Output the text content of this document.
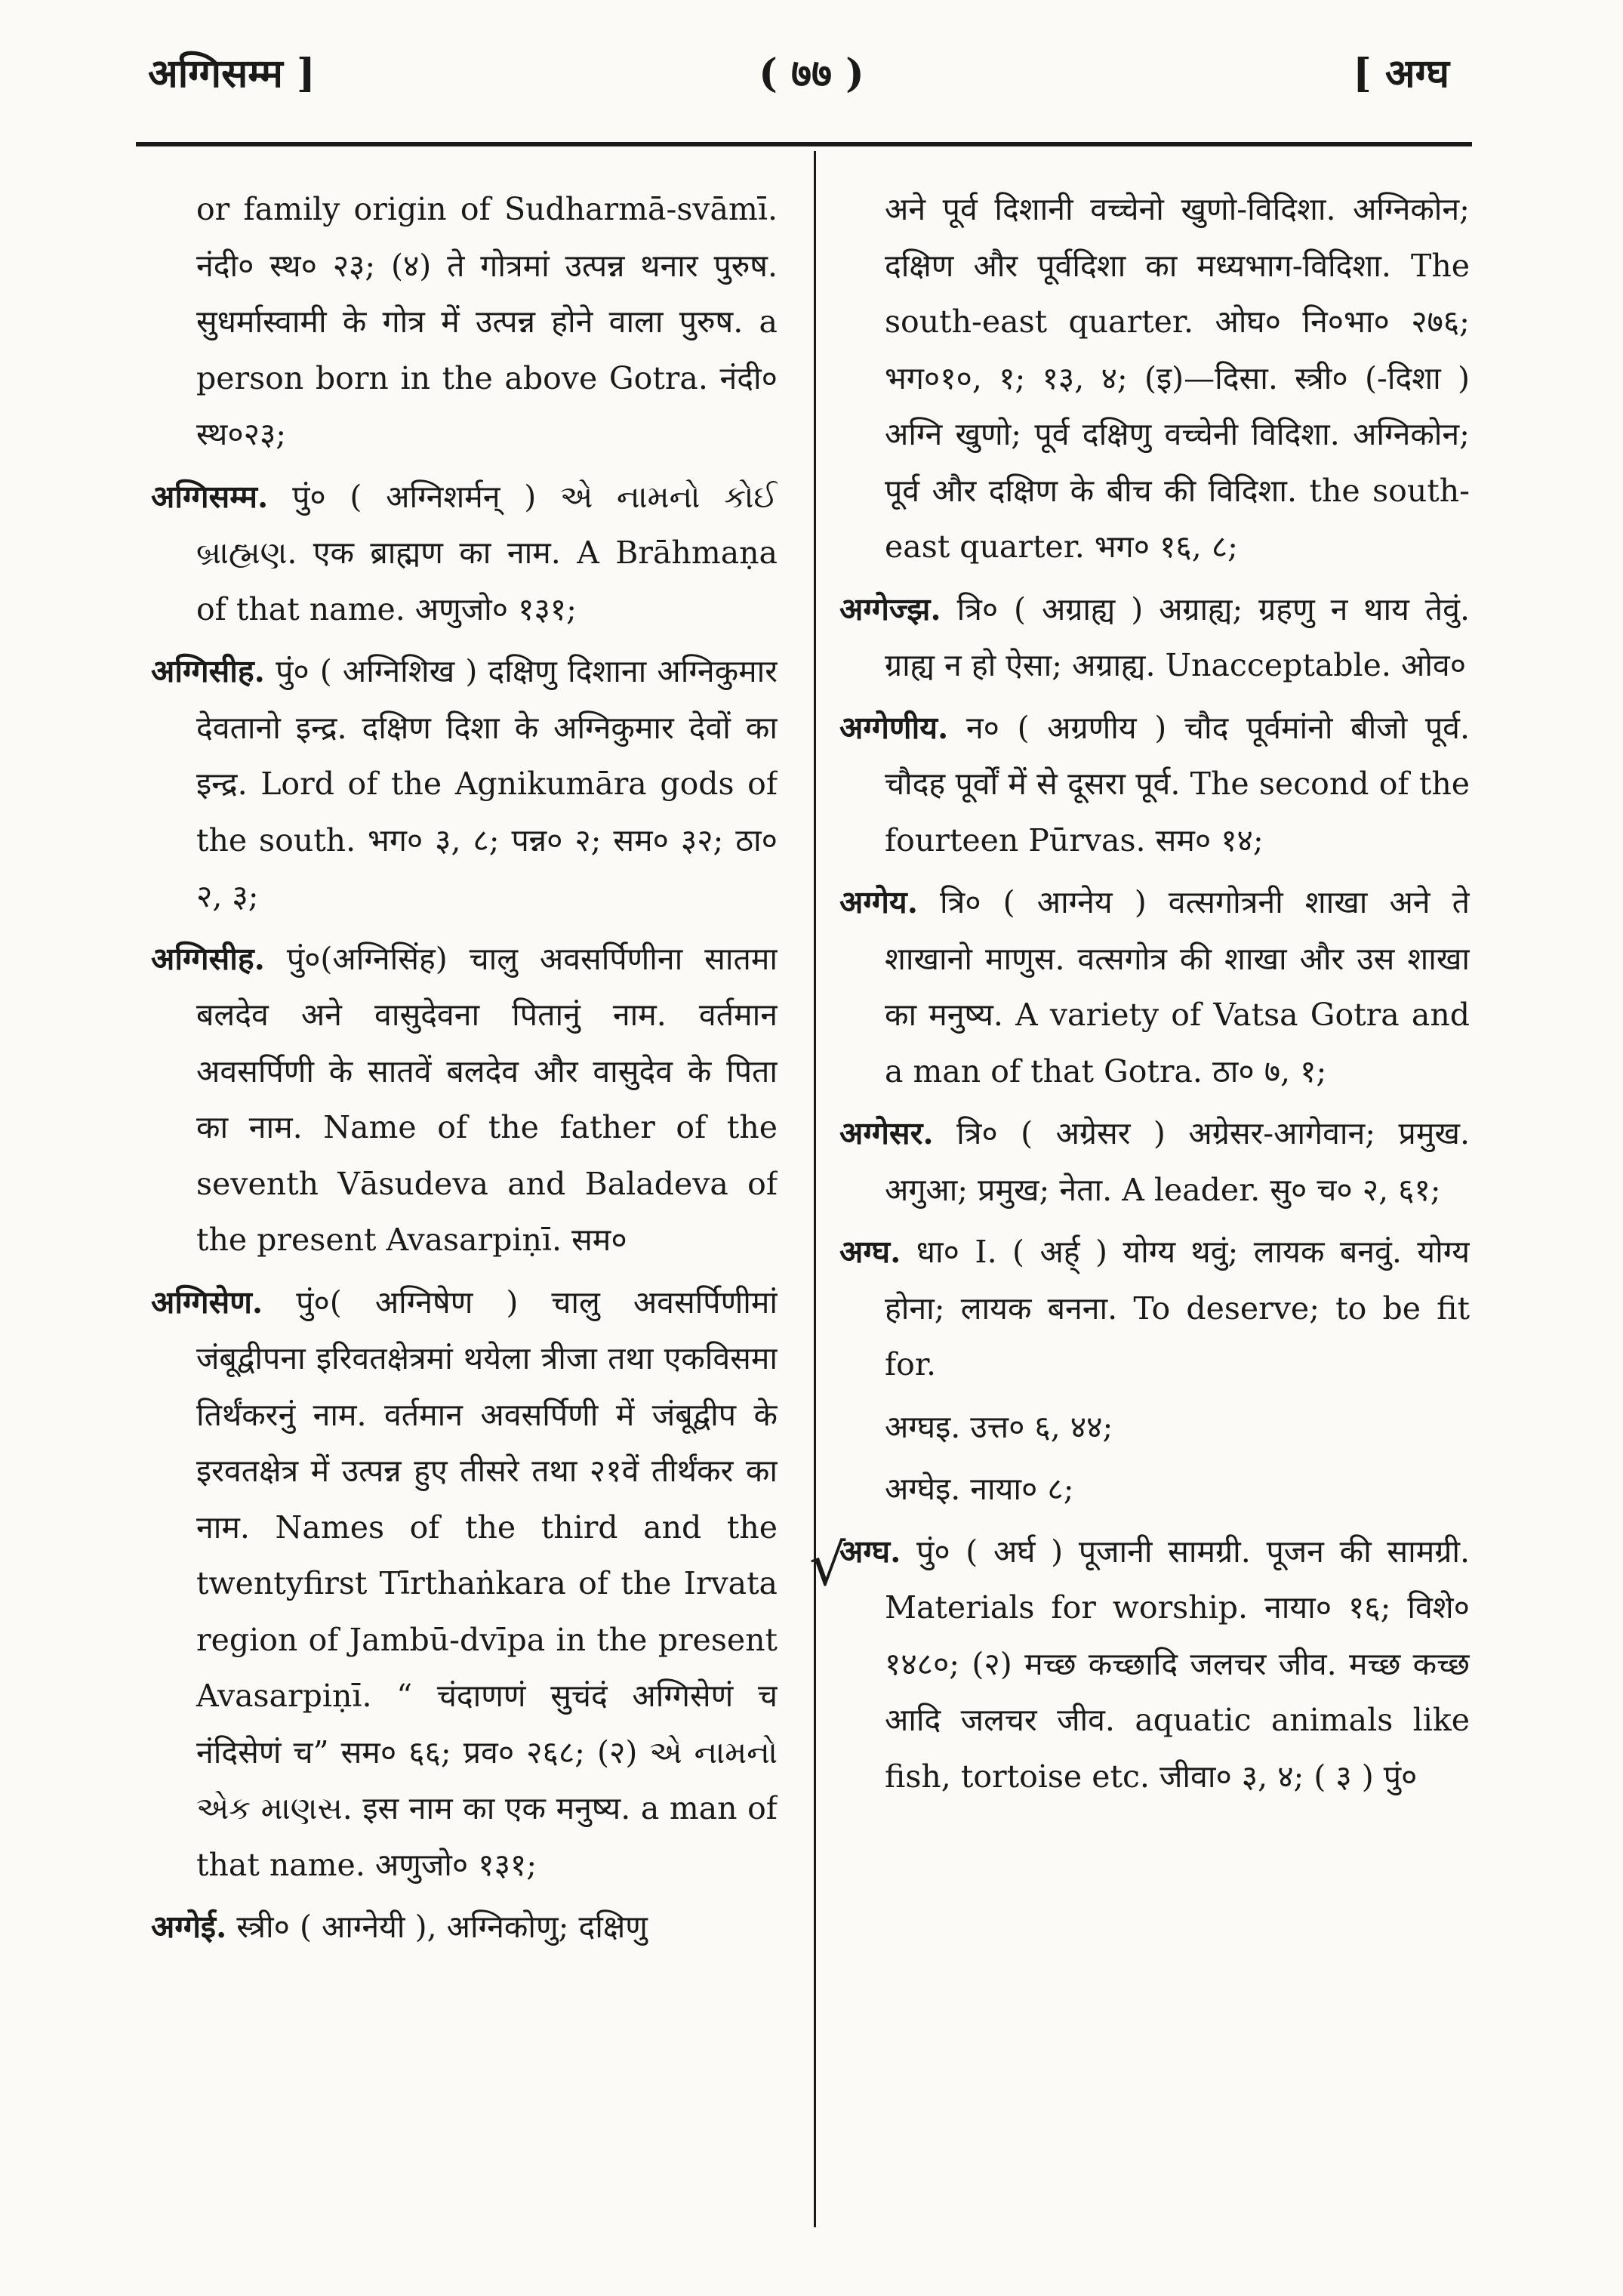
अग्गिसम्म ]	( ७७ )	[ अग्घ
√

or family origin of Sudharmā-svāmī. नंदी० स्थ० २३; (४) ते गोत्रमां उत्पन्न थनार पुरुष. सुधर्मास्वामी के गोत्र में उत्पन्न होने वाला पुरुष. a person born in the above Gotra. नंदी० स्थ०२३;

अग्गिसम्म. पुं० ( अग्निशर्मन् ) એ નામનો કોઈ બ્રાહ્મણ. एक ब्राह्मण का नाम. A Brāhmaṇa of that name. अणुजो० १३१;

अग्गिसीह. पुं० ( अग्निशिख ) दक्षिणु दिशाना अग्निकुमार देवतानो इन्द्र. दक्षिण दिशा के अग्निकुमार देवों का इन्द्र. Lord of the Agnikumāra gods of the south. भग० ३, ८; पन्न० २; सम० ३२; ठा० २, ३;

अग्गिसीह. पुं०(अग्निसिंह) चालु अवसर्पिणीना सातमा बलदेव अने वासुदेवना पितानुं नाम. वर्तमान अवसर्पिणी के सातवें बलदेव और वासुदेव के पिता का नाम. Name of the father of the seventh Vāsudeva and Baladeva of the present Avasarpiṇī. सम०

अग्गिसेण. पुं०( अग्निषेण ) चालु अवसर्पिणीमां जंबूद्वीपना इरिवतक्षेत्रमां थयेला त्रीजा तथा एकविसमा तिर्थंकरनुं नाम. वर्तमान अवसर्पिणी में जंबूद्वीप के इरवतक्षेत्र में उत्पन्न हुए तीसरे तथा २१वें तीर्थंकर का नाम. Names of the third and the twentyfirst Tīrthaṅkara of the Irvata region of Jambū-dvīpa in the present Avasarpiṇī. “ चंदाणणं सुचंदं अग्गिसेणं च नंदिसेणं च” सम० ६६; प्रव० २६८; (२) એ નામનો એક માણસ. इस नाम का एक मनुष्य. a man of that name. अणुजो० १३१;

अग्गेई. स्त्री० ( आग्नेयी ), अग्निकोणु; दक्षिणु

अने पूर्व दिशानी वच्चेनो खुणो-विदिशा. अग्निकोन; दक्षिण और पूर्वदिशा का मध्यभाग-विदिशा. The south-east quarter. ओघ० नि०भा० २७६; भग०१०, १; १३, ४; (इ)—दिसा. स्त्री० (-दिशा ) अग्नि खुणो; पूर्व दक्षिणु वच्चेनी विदिशा. अग्निकोन; पूर्व और दक्षिण के बीच की विदिशा. the south-east quarter. भग० १६, ८;

अग्गेज्झ. त्रि० ( अग्राह्य ) अग्राह्य; ग्रहणु न थाय तेवुं. ग्राह्य न हो ऐसा; अग्राह्य. Unacceptable. ओव०

अग्गेणीय. न० ( अग्रणीय ) चौद पूर्वमांनो बीजो पूर्व. चौदह पूर्वों में से दूसरा पूर्व. The second of the fourteen Pūrvas. सम० १४;

अग्गेय. त्रि० ( आग्नेय ) वत्सगोत्रनी शाखा अने ते शाखानो माणुस. वत्सगोत्र की शाखा और उस शाखा का मनुष्य. A variety of Vatsa Gotra and a man of that Gotra. ठा० ७, १;

अग्गेसर. त्रि० ( अग्रेसर ) अग्रेसर-आगेवान; प्रमुख. अगुआ; प्रमुख; नेता. A leader. सु० च० २, ६१;

अग्घ. धा० I. ( अर्ह् ) योग्य थवुं; लायक बनवुं. योग्य होना; लायक बनना. To deserve; to be fit for.

अग्घइ. उत्त० ६, ४४;

अग्घेइ. नाया० ८;

अग्घ. पुं० ( अर्घ ) पूजानी सामग्री. पूजन की सामग्री. Materials for worship. नाया० १६; विशे० १४८०; (२) मच्छ कच्छादि जलचर जीव. मच्छ कच्छ आदि जलचर जीव. aquatic animals like fish, tortoise etc. जीवा० ३, ४; ( ३ ) पुं०
